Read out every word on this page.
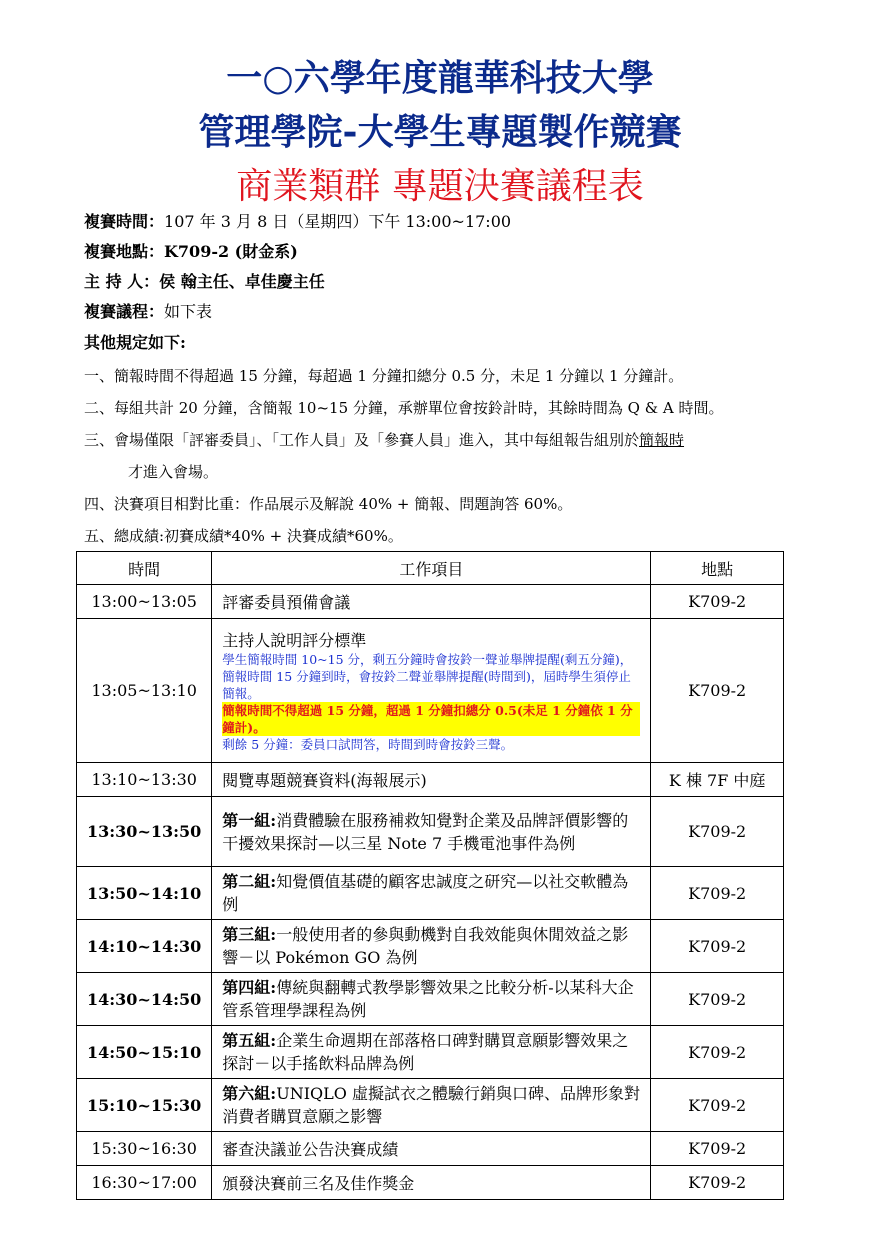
一○六學年度龍華科技大學
管理學院-大學生專題製作競賽
商業類群 專題決賽議程表
複賽時間：107 年 3 月 8 日（星期四）下午 13:00~17:00
複賽地點：K709-2 (財金系)
主 持 人：侯 翰主任、卓佳慶主任
複賽議程：如下表
其他規定如下:
一、簡報時間不得超過 15 分鐘，每超過 1 分鐘扣總分 0.5 分，未足 1 分鐘以 1 分鐘計。
二、每組共計 20 分鐘，含簡報 10~15 分鐘，承辦單位會按鈴計時，其餘時間為 Q & A 時間。
三、會場僅限「評審委員」、「工作人員」及「參賽人員」進入，其中每組報告組別於簡報時
才進入會場。
四、決賽項目相對比重：作品展示及解說 40% + 簡報、問題詢答 60%。
五、總成績:初賽成績*40% + 決賽成績*60%。
時間	工作項目	地點
13:00~13:05	評審委員預備會議	K709-2
13:05~13:10	主持人說明評分標準
學生簡報時間 10~15 分，剩五分鐘時會按鈴一聲並舉牌提醒(剩五分鐘)，簡報時間 15 分鐘到時，會按鈴二聲並舉牌提醒(時間到)，屆時學生須停止簡報。
簡報時間不得超過 15 分鐘，超過 1 分鐘扣總分 0.5(未足 1 分鐘依 1 分鐘計)。
剩餘 5 分鐘：委員口試問答，時間到時會按鈴三聲。	K709-2
13:10~13:30	閱覽專題競賽資料(海報展示)	K 棟 7F 中庭
13:30~13:50	第一組:消費體驗在服務補救知覺對企業及品牌評價影響的干擾效果探討—以三星 Note 7 手機電池事件為例	K709-2
13:50~14:10	第二組:知覺價值基礎的顧客忠誠度之研究—以社交軟體為例	K709-2
14:10~14:30	第三組:一般使用者的參與動機對自我效能與休閒效益之影響－以 Pokémon GO 為例	K709-2
14:30~14:50	第四組:傳統與翻轉式教學影響效果之比較分析-以某科大企管系管理學課程為例	K709-2
14:50~15:10	第五組:企業生命週期在部落格口碑對購買意願影響效果之探討－以手搖飲料品牌為例	K709-2
15:10~15:30	第六組:UNIQLO 虛擬試衣之體驗行銷與口碑、品牌形象對消費者購買意願之影響	K709-2
15:30~16:30	審查決議並公告決賽成績	K709-2
16:30~17:00	頒發決賽前三名及佳作獎金	K709-2
